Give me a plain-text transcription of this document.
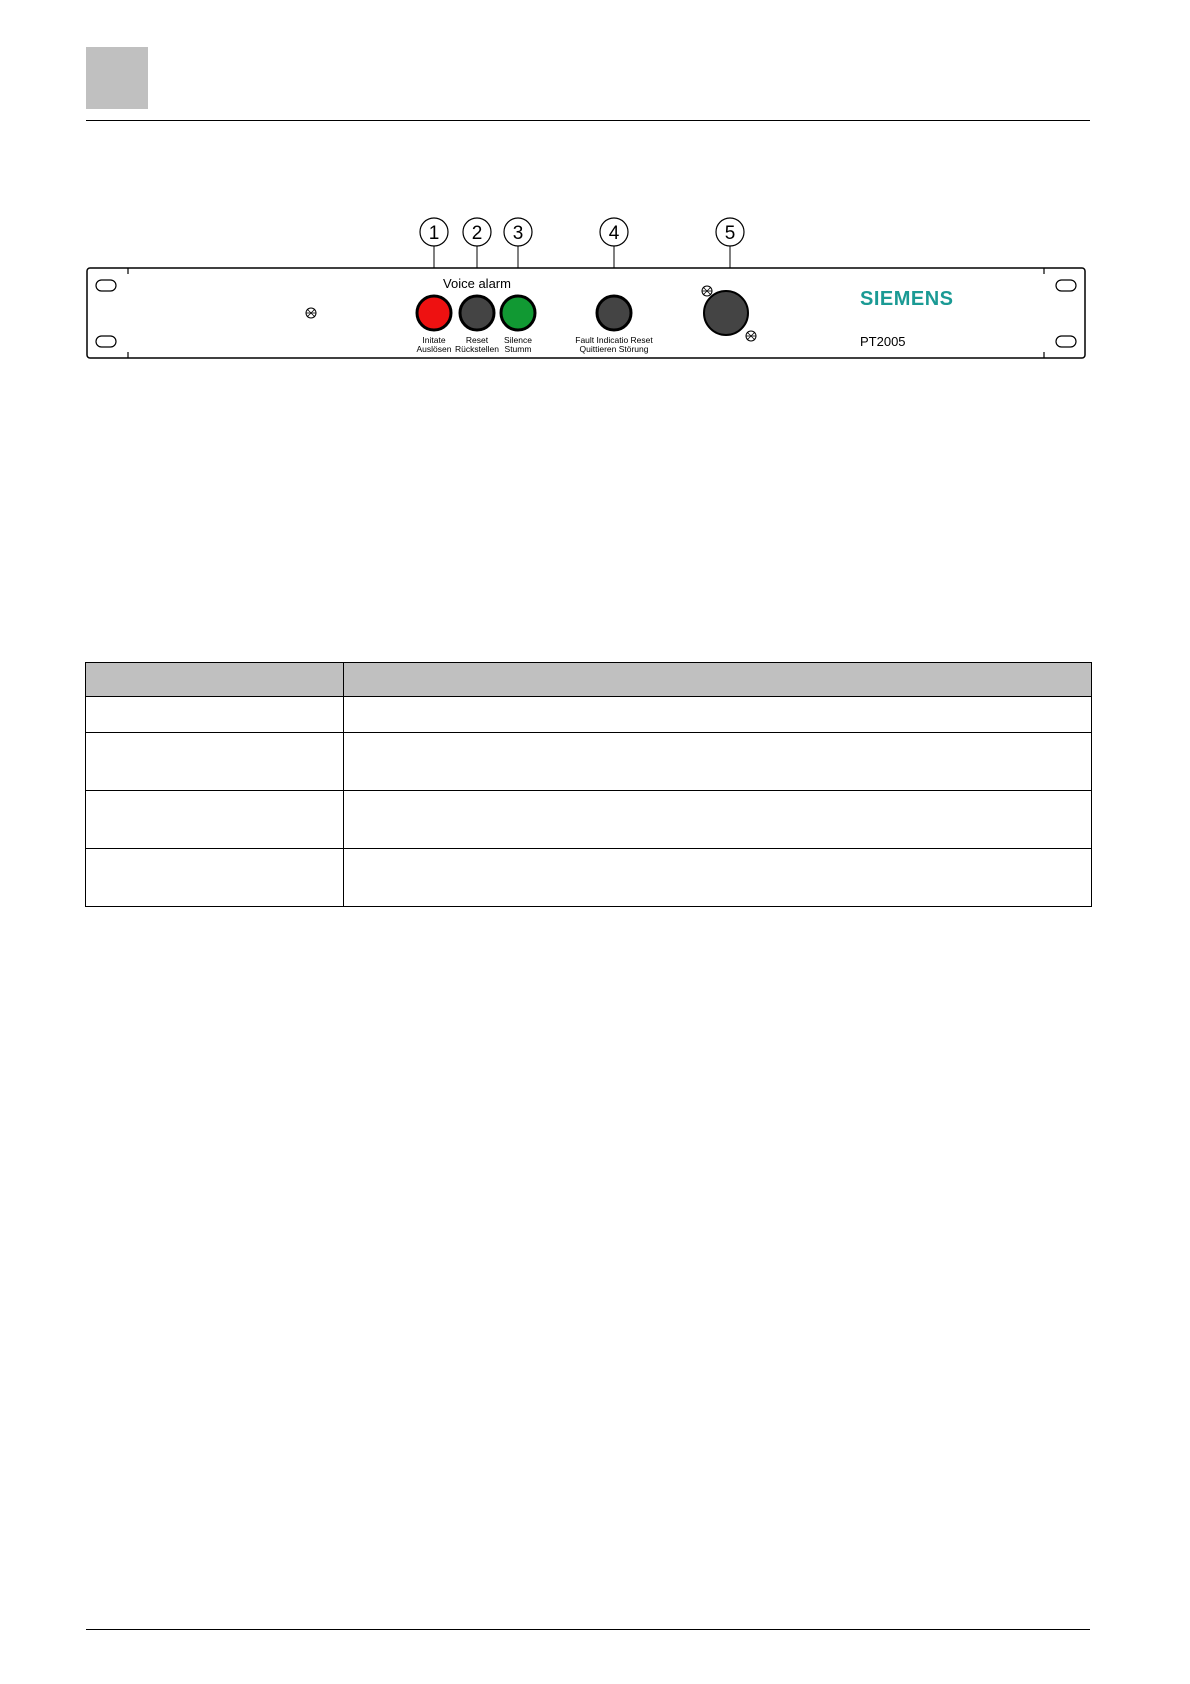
1 2 3	4	5
Voice alarm
Initate
Auslösen
Reset
Rückstellen
Silence
Stumm
Fault Indicatio Reset
Quittieren Störung
SIEMENS
PT2005
